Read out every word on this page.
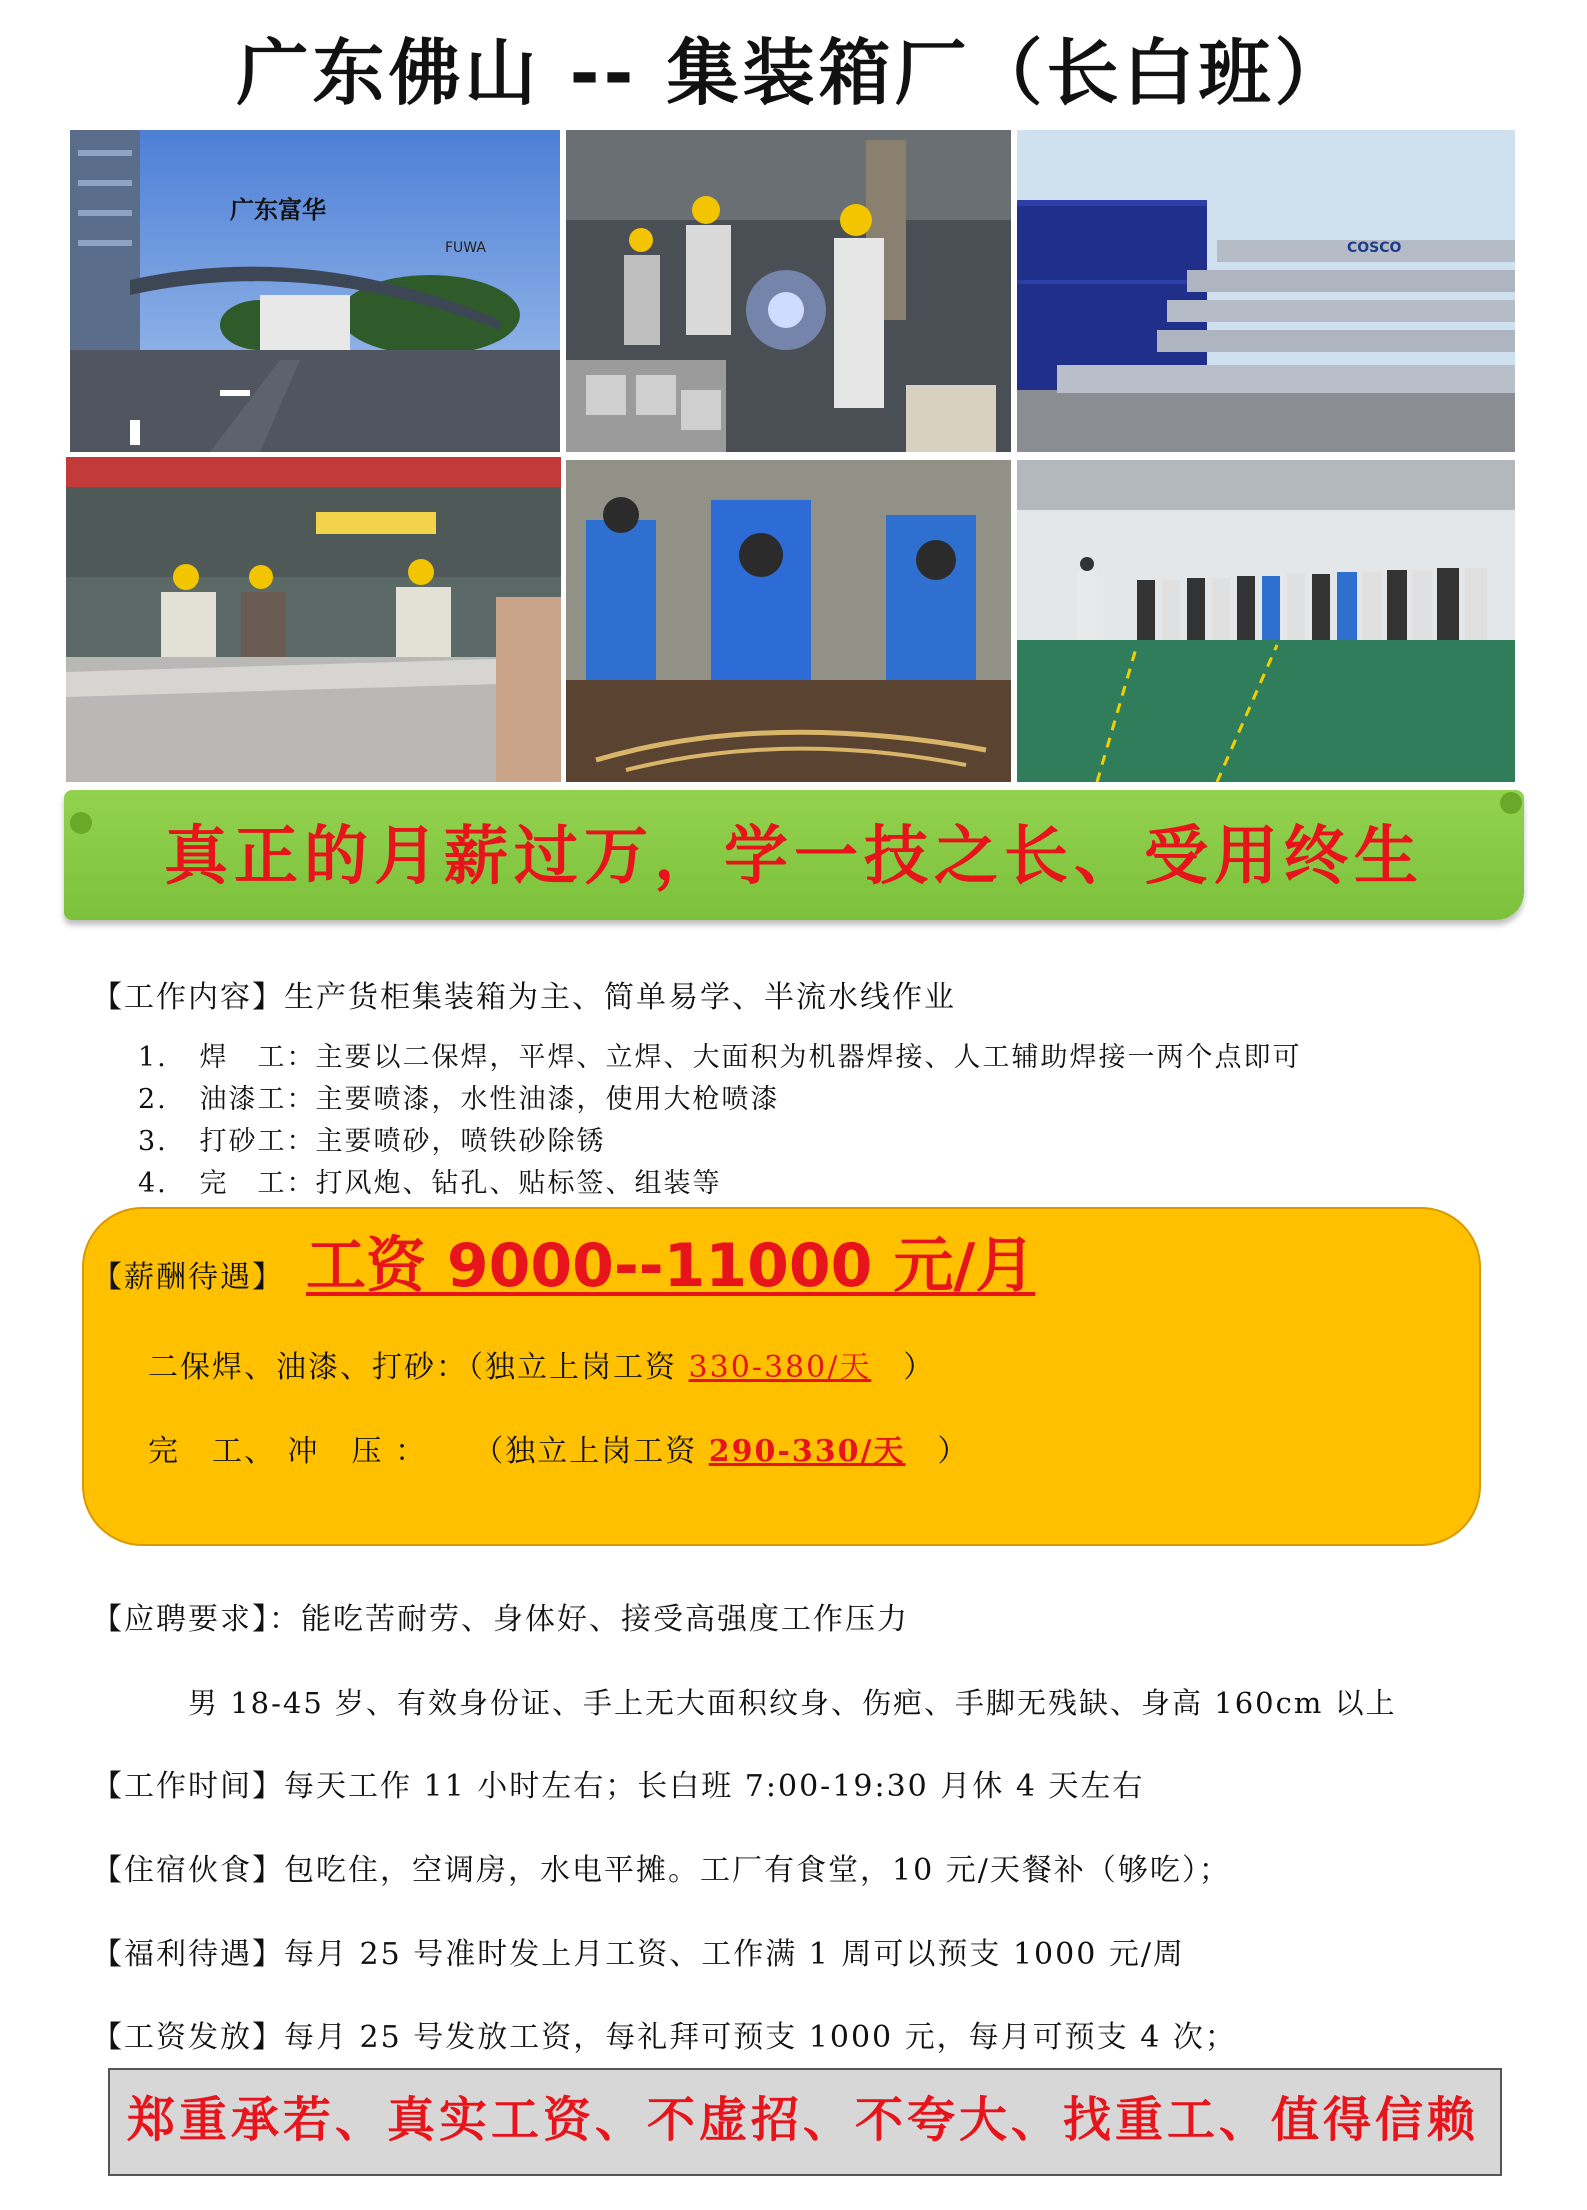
广东佛山 -- 集装箱厂（长白班）
广东富华
FUWA	COSCO
真正的月薪过万，学一技之长、受用终生
【工作内容】生产货柜集装箱为主、简单易学、半流水线作业
1. 焊　工：主要以二保焊，平焊、立焊、大面积为机器焊接、人工辅助焊接一两个点即可
2. 油漆工：主要喷漆，水性油漆，使用大枪喷漆
3. 打砂工：主要喷砂，喷铁砂除锈
4. 完　工：打风炮、钻孔、贴标签、组装等
【薪酬待遇】 工资 9000--11000 元/月
二保焊、油漆、打砂：（独立上岗工资 330-380/天　）
完　工、 冲　压 ： （独立上岗工资 290-330/天　）
【应聘要求】：能吃苦耐劳、身体好、接受高强度工作压力
男 18-45 岁、有效身份证、手上无大面积纹身、伤疤、手脚无残缺、身高 160cm 以上
【工作时间】每天工作 11 小时左右；长白班 7:00-19:30 月休 4 天左右
【住宿伙食】包吃住，空调房，水电平摊。工厂有食堂，10 元/天餐补（够吃）；
【福利待遇】每月 25 号准时发上月工资、工作满 1 周可以预支 1000 元/周
【工资发放】每月 25 号发放工资，每礼拜可预支 1000 元，每月可预支 4 次；
郑重承若、真实工资、不虚招、不夸大、找重工、值得信赖
